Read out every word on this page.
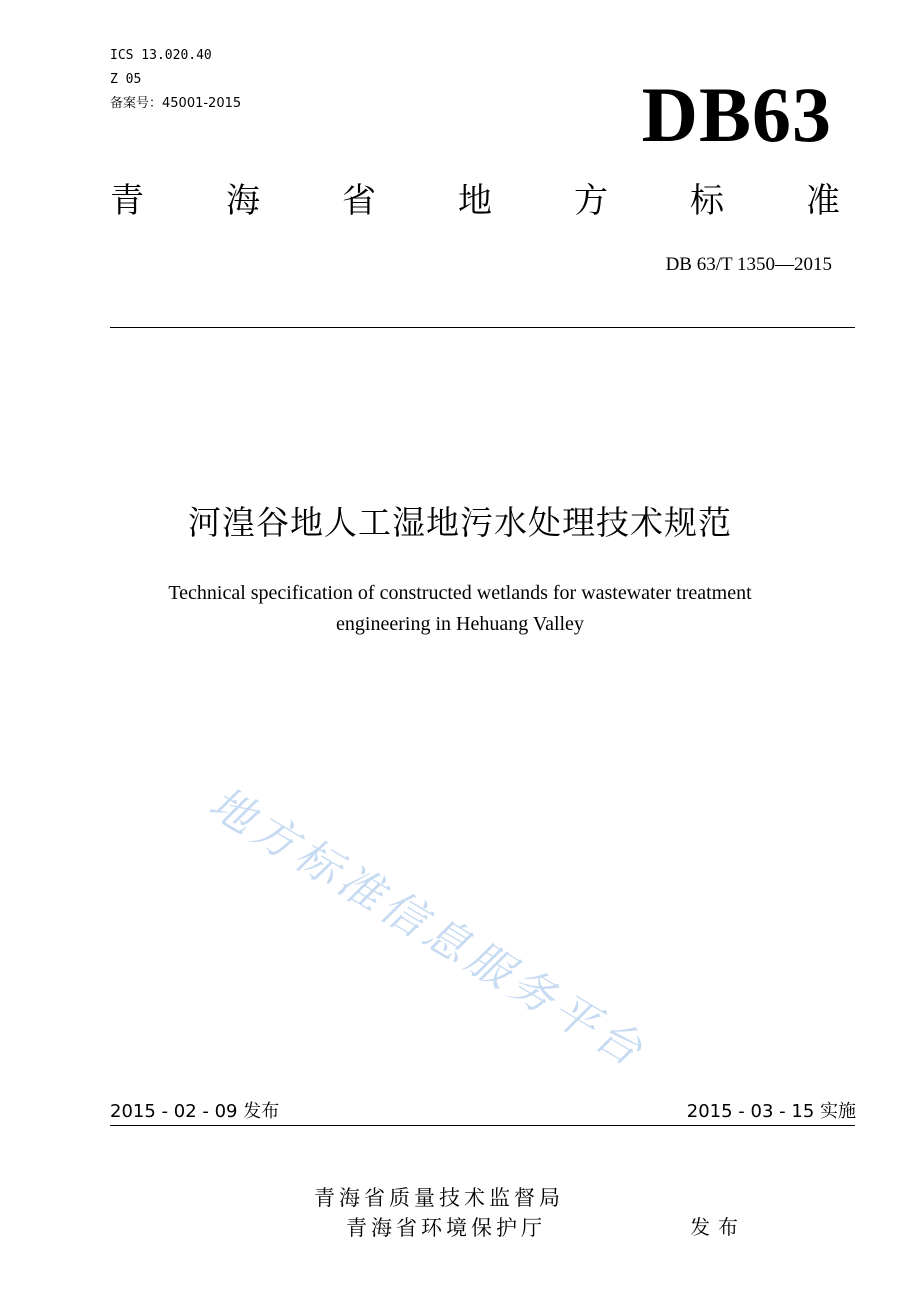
ICS 13.020.40
Z 05
备案号：45001-2015	DB63
青 海 省 地 方 标 准
DB 63/T 1350—2015
河湟谷地人工湿地污水处理技术规范
Technical specification of constructed wetlands for wastewater treatment
engineering in Hehuang Valley
地方标准信息服务平台
2015 - 02 - 09 发布	2015 - 03 - 15 实施
青海省质量技术监督局
青海省环境保护厅	发布
